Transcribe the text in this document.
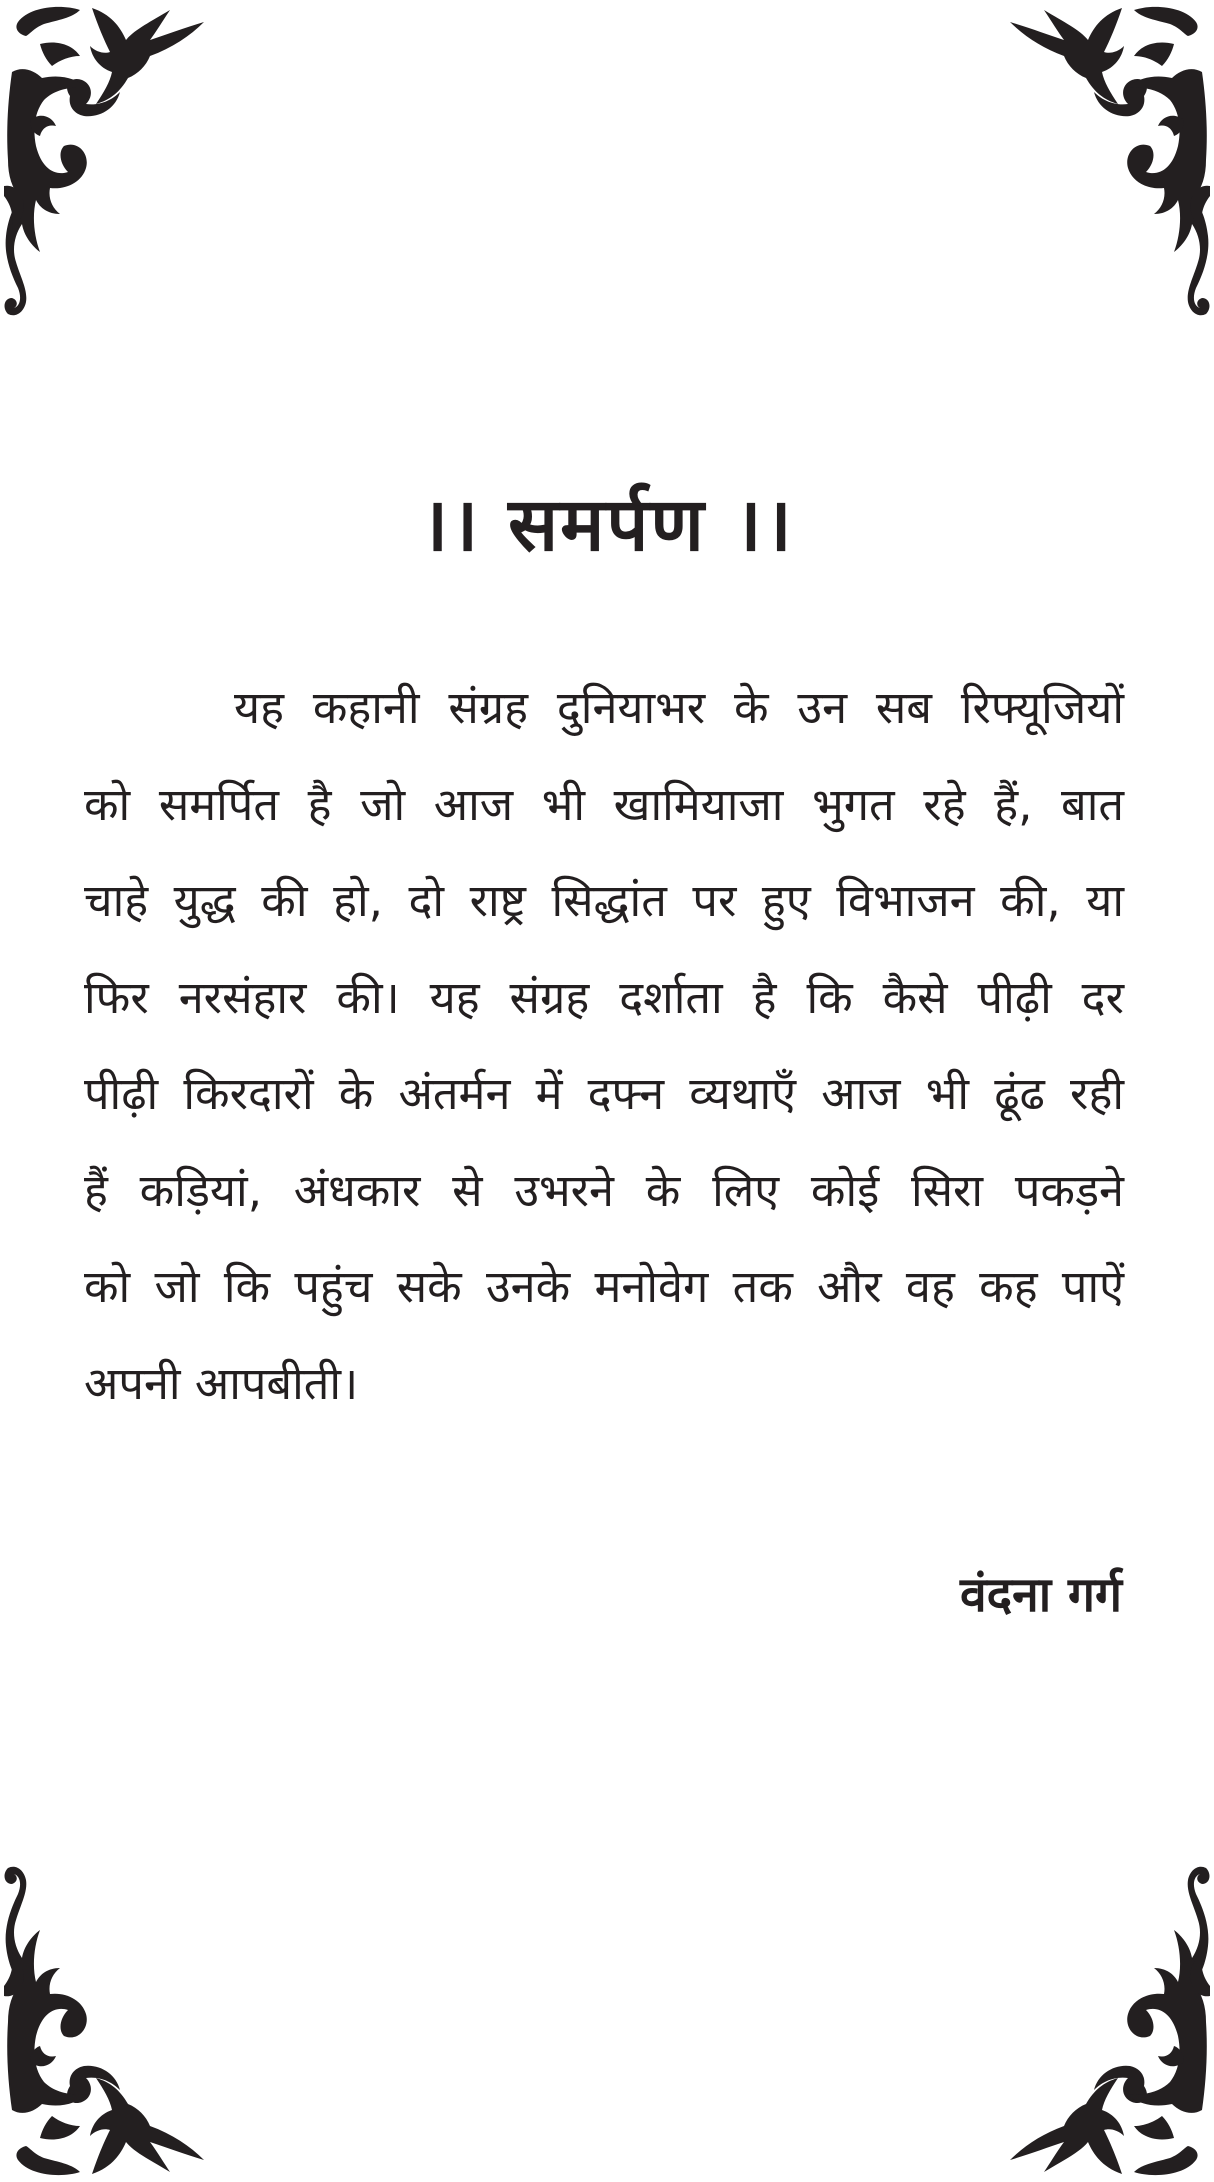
।। समर्पण ।।
यह कहानी संग्रह दुनियाभर के उन सब रिफ्यूजियों
को समर्पित है जो आज भी खामियाजा भुगत रहे हैं, बात
चाहे युद्ध की हो, दो राष्ट्र सिद्धांत पर हुए विभाजन की, या
फिर नरसंहार की। यह संग्रह दर्शाता है कि कैसे पीढ़ी दर
पीढ़ी किरदारों के अंतर्मन में दफ्न व्यथाएँ आज भी ढूंढ रही
हैं कड़ियां, अंधकार से उभरने के लिए कोई सिरा पकड़ने
को जो कि पहुंच सके उनके मनोवेग तक और वह कह पाऐं
अपनी आपबीती।
वंदना गर्ग
